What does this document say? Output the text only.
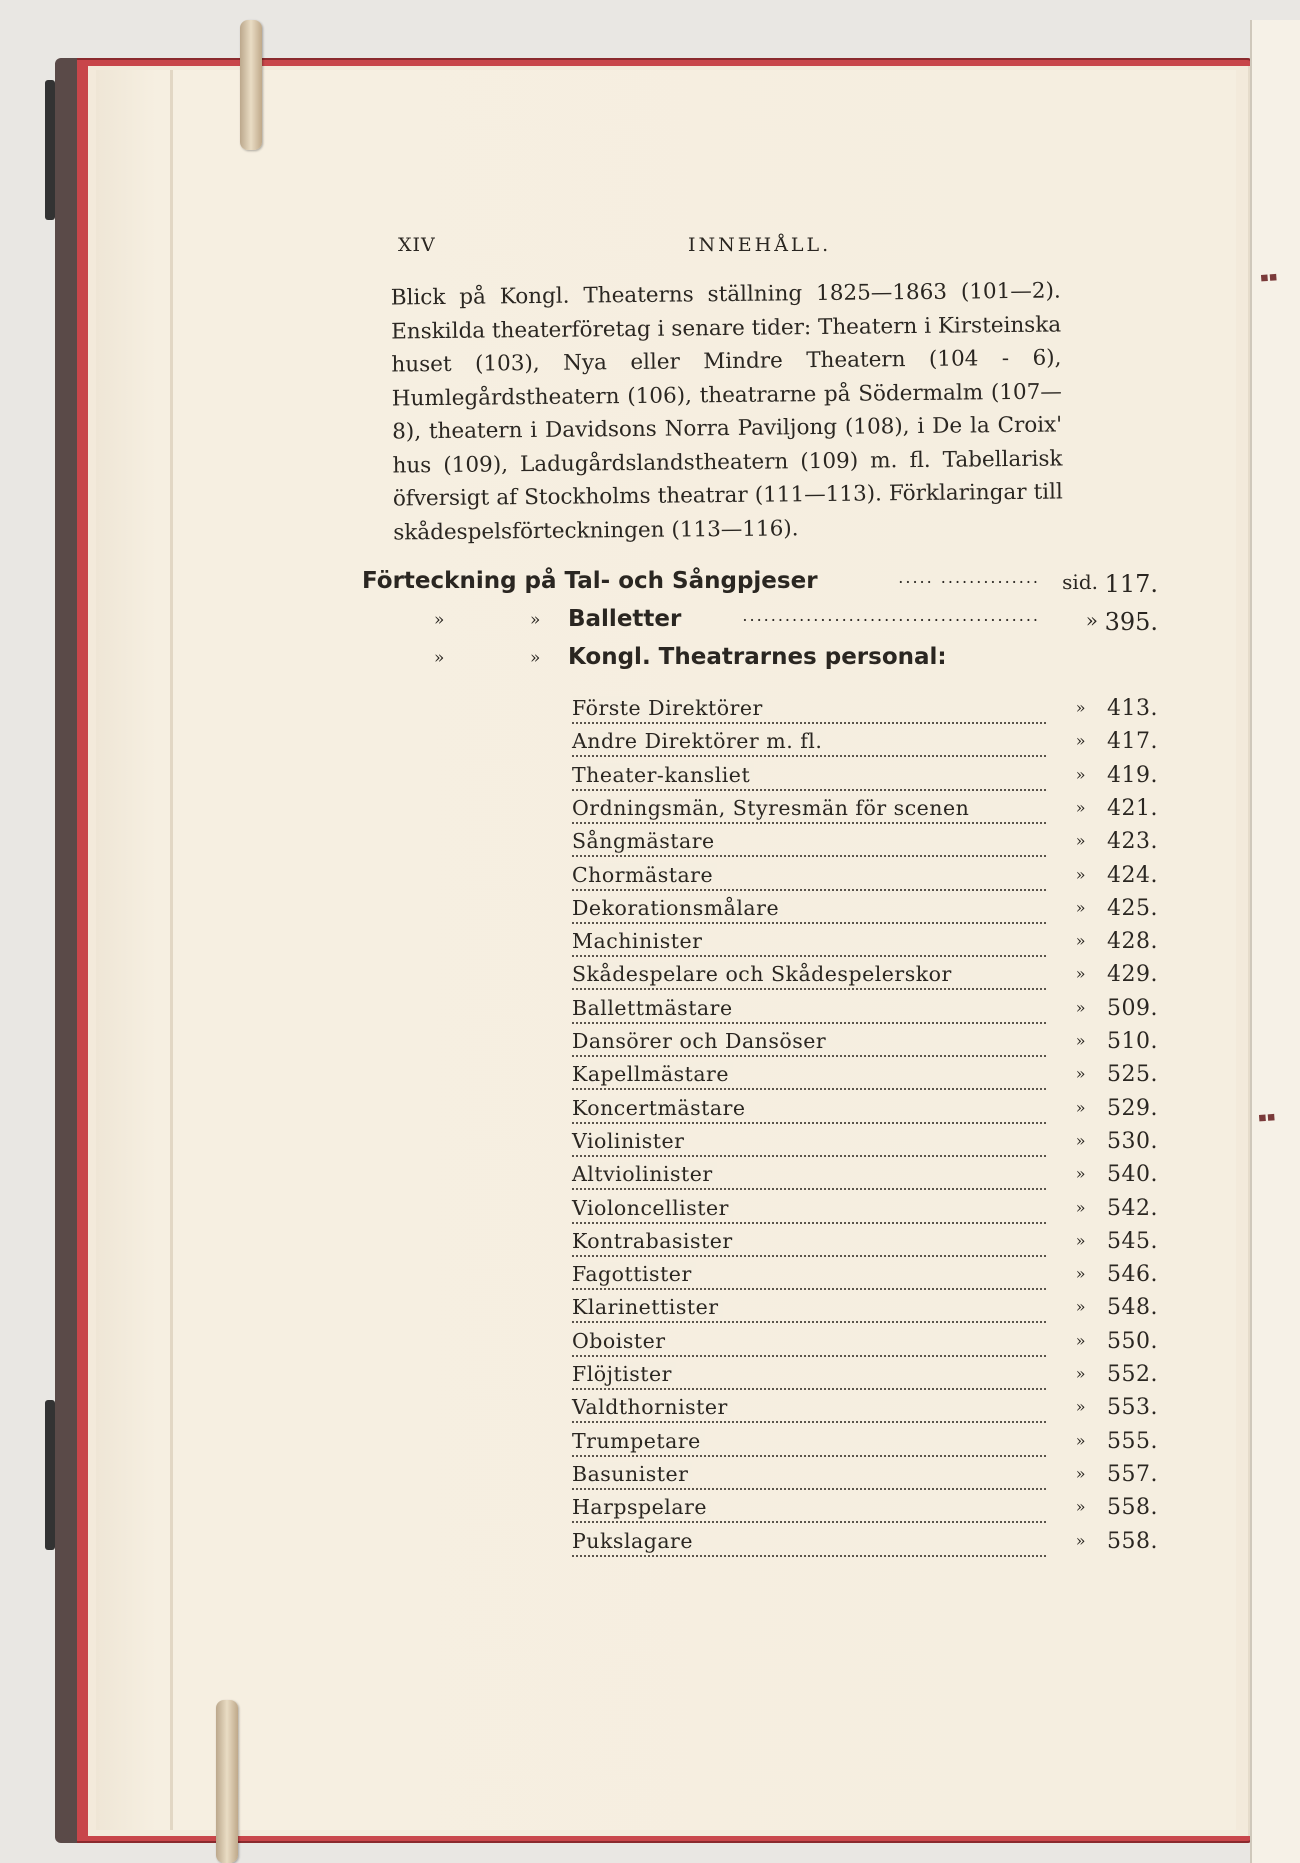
▪▪
▪▪
XIV	INNEHÅLL.
Blick på Kongl. Theaterns ställning 1825—1863 (101—2). Enskilda theaterföretag i senare tider: Theatern i Kirsteinska huset (103), Nya eller Mindre Theatern (104 - 6), Humlegårdstheatern (106), theatrarne på Södermalm (107—8), theatern i Davidsons Norra Paviljong (108), i De la Croix' hus (109), Ladugårdslandstheatern (109) m. fl. Tabellarisk öfversigt af Stockholms theatrar (111—113). Förklaringar till skådespelsförteckningen (113—116).
Förteckning på Tal- och Sångpjeser	..... .............. sid. 117.
»	» Balletter	.......................................... » 395.
»	» Kongl. Theatrarnes personal:
Förste Direktörer	» 413.
Andre Direktörer m. fl.	» 417.
Theater-kansliet	» 419.
Ordningsmän, Styresmän för scenen	» 421.
Sångmästare	» 423.
Chormästare	» 424.
Dekorationsmålare	» 425.
Machinister	» 428.
Skådespelare och Skådespelerskor	» 429.
Ballettmästare	» 509.
Dansörer och Dansöser	» 510.
Kapellmästare	» 525.
Koncertmästare	» 529.
Violinister	» 530.
Altviolinister	» 540.
Violoncellister	» 542.
Kontrabasister	» 545.
Fagottister	» 546.
Klarinettister	» 548.
Oboister	» 550.
Flöjtister	» 552.
Valdthornister	» 553.
Trumpetare	» 555.
Basunister	» 557.
Harpspelare	» 558.
Pukslagare	» 558.
